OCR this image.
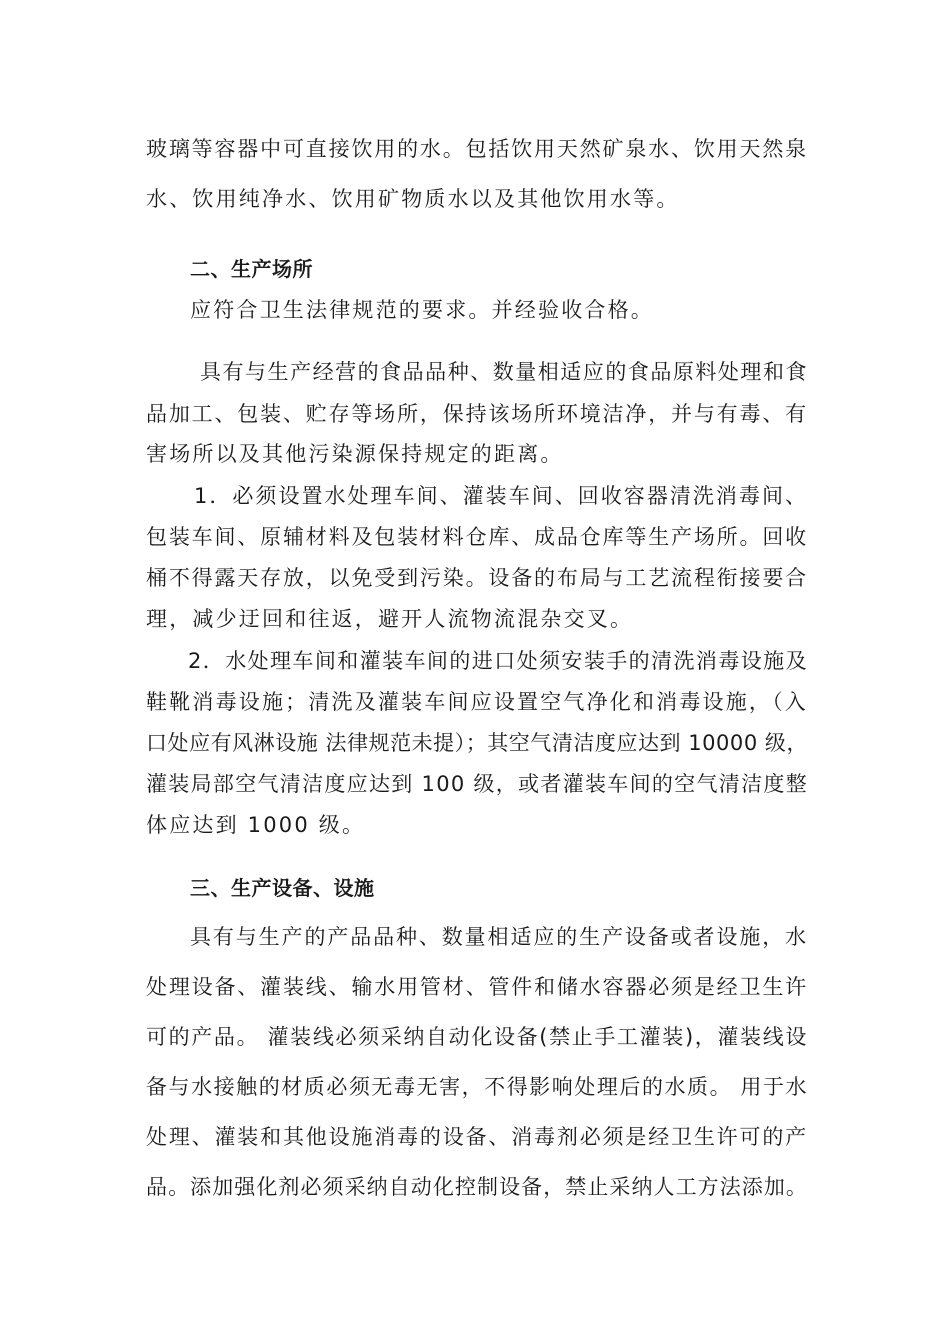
玻璃等容器中可直接饮用的水。包括饮用天然矿泉水、饮用天然泉

水、饮用纯净水、饮用矿物质水以及其他饮用水等。

二、生产场所

应符合卫生法律规范的要求。并经验收合格。

具有与生产经营的食品品种、数量相适应的食品原料处理和食

品加工、包装、贮存等场所，保持该场所环境洁净，并与有毒、有

害场所以及其他污染源保持规定的距离。

1．必须设置水处理车间、灌装车间、回收容器清洗消毒间、

包装车间、原辅材料及包装材料仓库、成品仓库等生产场所。回收

桶不得露天存放，以免受到污染。设备的布局与工艺流程衔接要合

理，减少迂回和往返，避开人流物流混杂交叉。

2．水处理车间和灌装车间的进口处须安装手的清洗消毒设施及

鞋靴消毒设施；清洗及灌装车间应设置空气净化和消毒设施，（入

口处应有风淋设施 法律规范未提）；其空气清洁度应达到 10000 级，

灌装局部空气清洁度应达到 100 级，或者灌装车间的空气清洁度整

体应达到 1000 级。

三、生产设备、设施

具有与生产的产品品种、数量相适应的生产设备或者设施，水

处理设备、灌装线、输水用管材、管件和储水容器必须是经卫生许

可的产品。 灌装线必须采纳自动化设备(禁止手工灌装)，灌装线设

备与水接触的材质必须无毒无害，不得影响处理后的水质。 用于水

处理、灌装和其他设施消毒的设备、消毒剂必须是经卫生许可的产

品。添加强化剂必须采纳自动化控制设备，禁止采纳人工方法添加。
